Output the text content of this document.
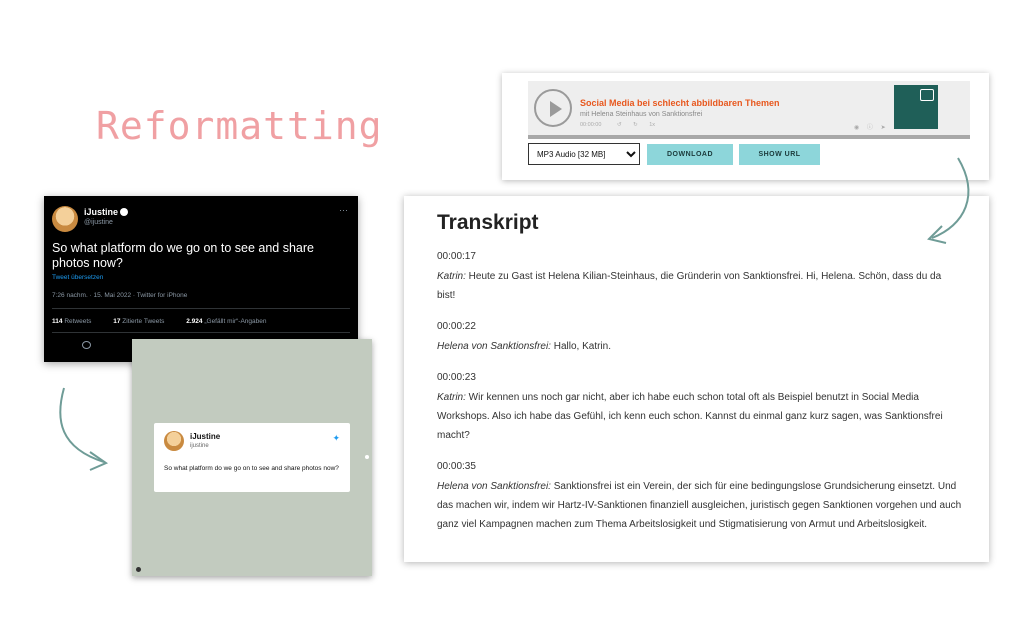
Reformatting
iJustine
@ijustine
···
So what platform do we go on to see and share photos now?
Tweet übersetzen
7:26 nachm. · 15. Mai 2022 · Twitter for iPhone
114 Retweets	17 Zitierte Tweets	2.924 „Gefällt mir“-Angaben
iJustine
ijustine
✦
So what platform do we go on to see and share photos now?
Social Media bei schlecht abbildbaren Themen
mit Helena Steinhaus von Sanktionsfrei
00:00:00	↺ ↻ 1x	◉ ⓘ ➤
MP3 Audio [32 MB]
DOWNLOAD	SHOW URL
Transkript
00:00:17
Katrin: Heute zu Gast ist Helena Kilian-Steinhaus, die Gründerin von Sanktionsfrei. Hi, Helena. Schön, dass du da bist!
00:00:22
Helena von Sanktionsfrei: Hallo, Katrin.
00:00:23
Katrin: Wir kennen uns noch gar nicht, aber ich habe euch schon total oft als Beispiel benutzt in Social Media Workshops. Also ich habe das Gefühl, ich kenn euch schon. Kannst du einmal ganz kurz sagen, was Sanktionsfrei macht?
00:00:35
Helena von Sanktionsfrei: Sanktionsfrei ist ein Verein, der sich für eine bedingungslose Grundsicherung einsetzt. Und das machen wir, indem wir Hartz-IV-Sanktionen finanziell ausgleichen, juristisch gegen Sanktionen vorgehen und auch ganz viel Kampagnen machen zum Thema Arbeitslosigkeit und Stigmatisierung von Armut und Arbeitslosigkeit.
